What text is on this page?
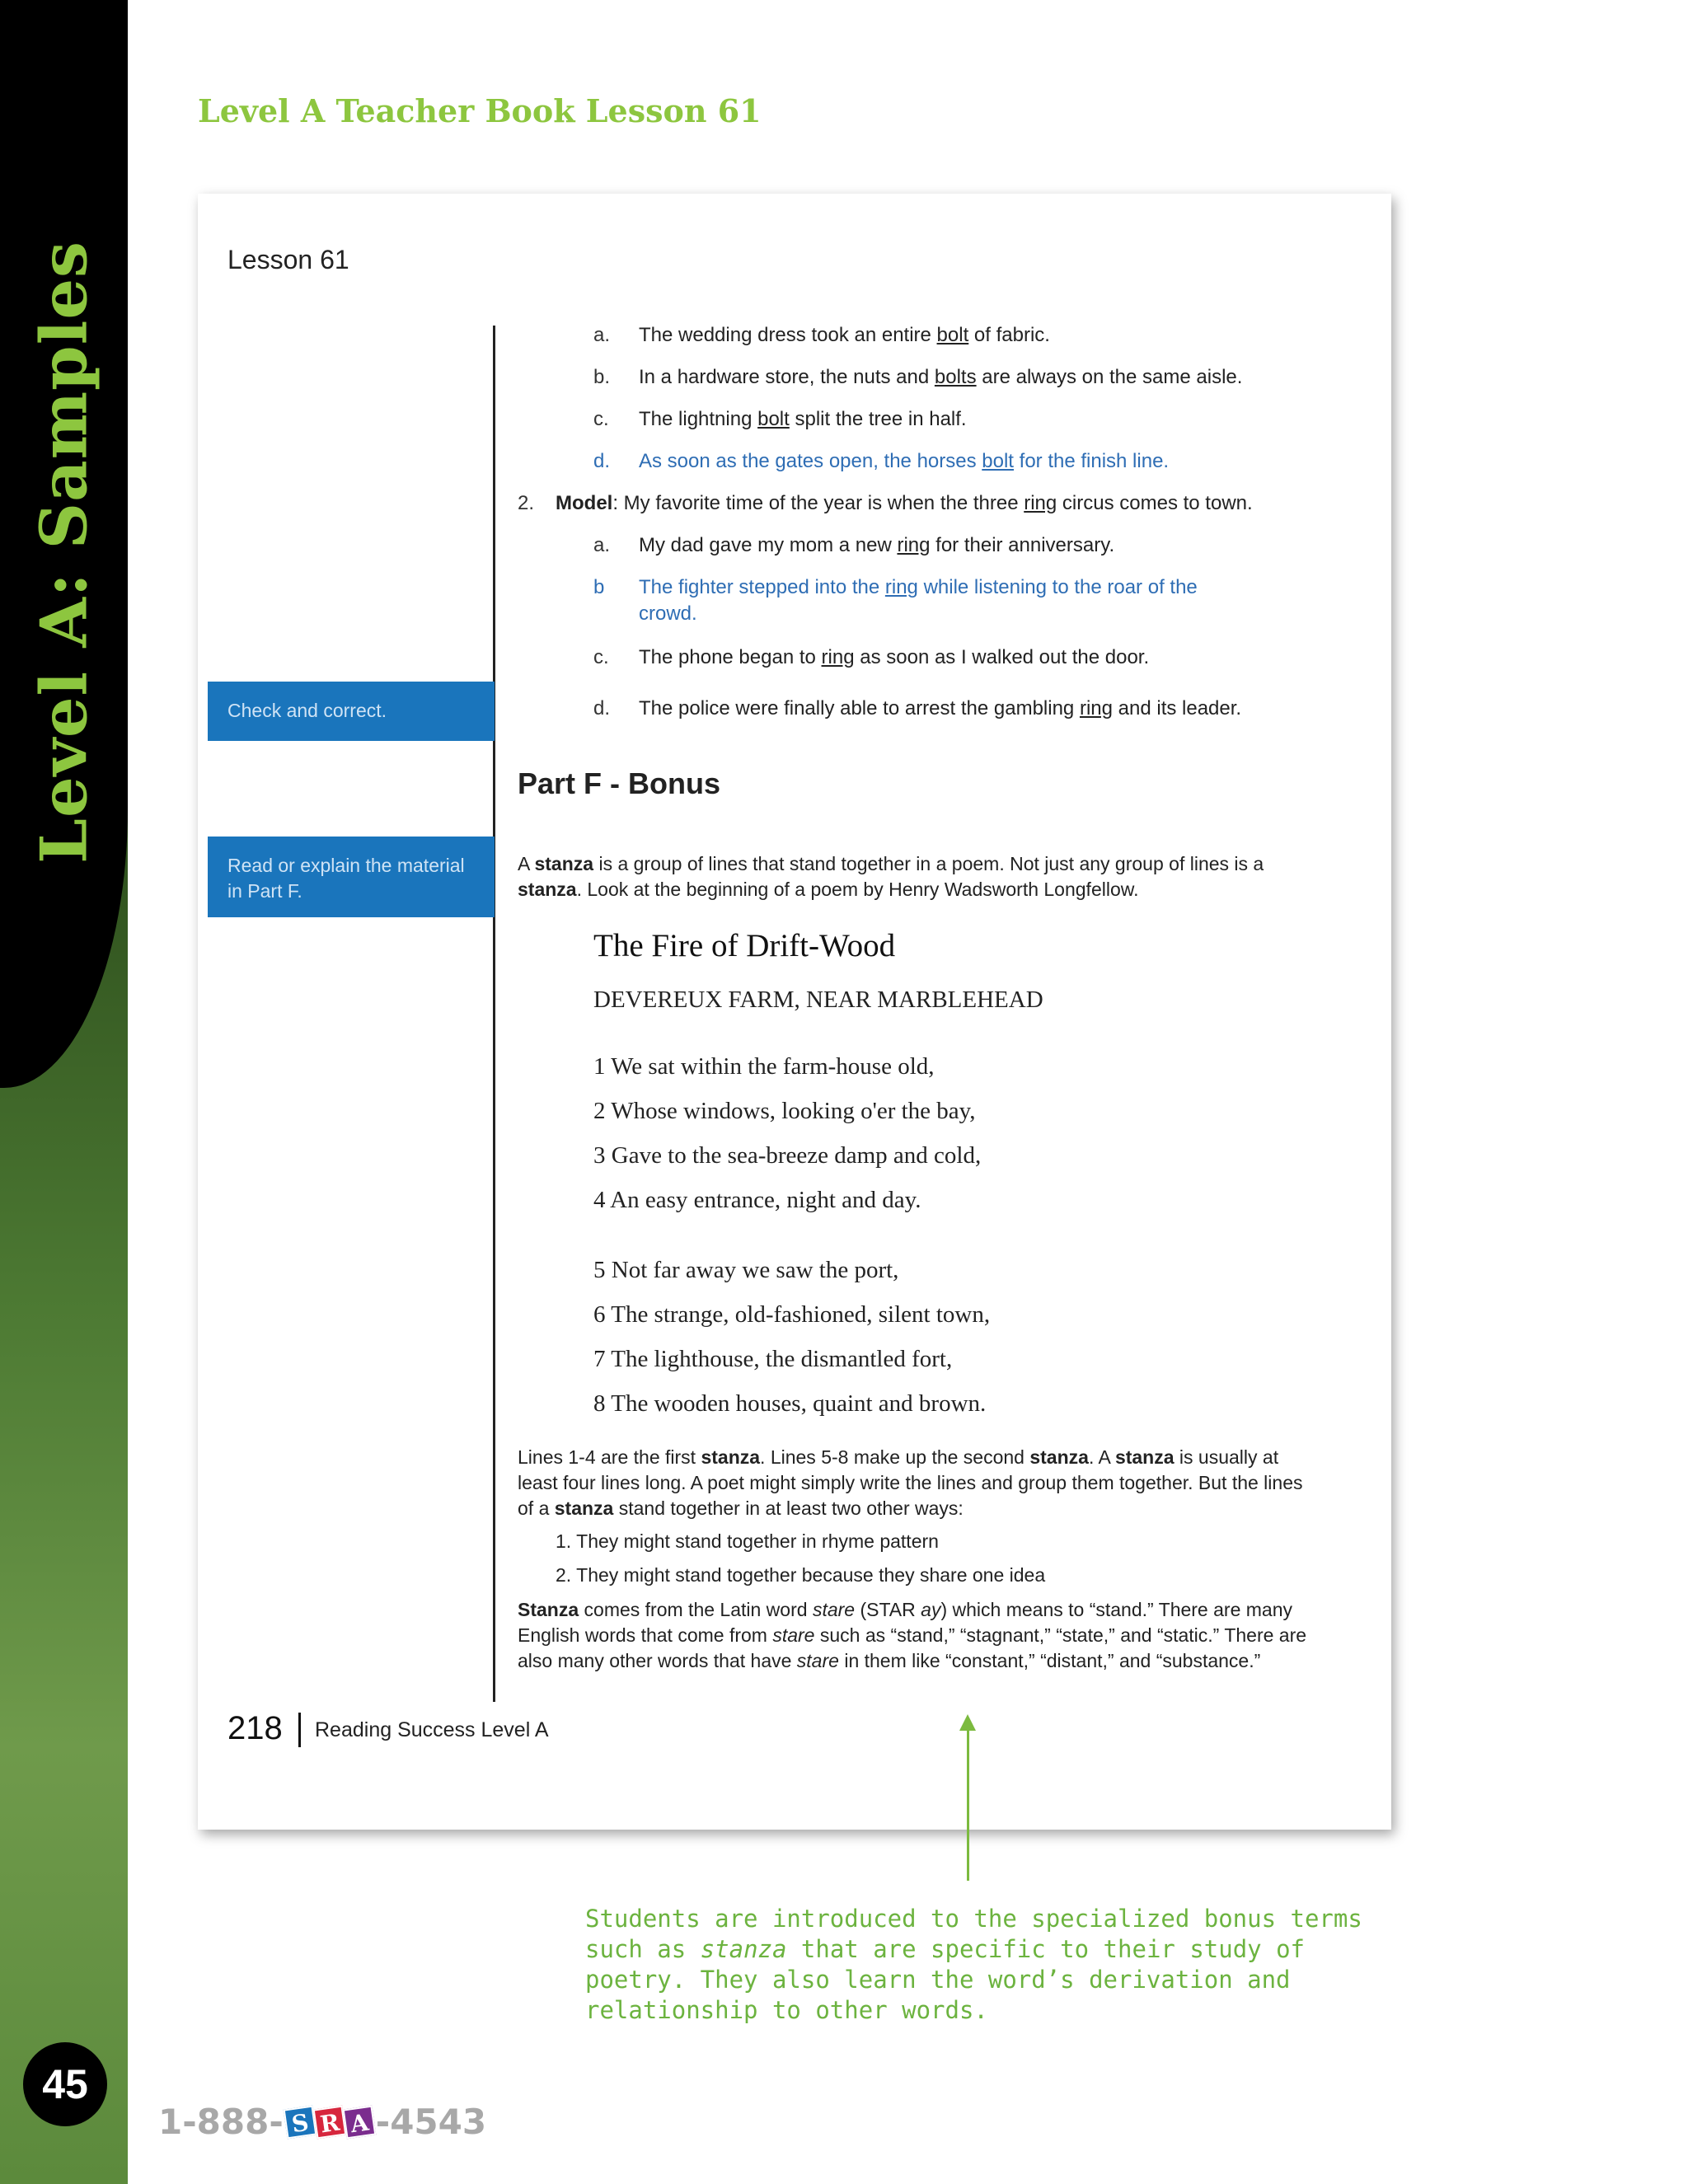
Level A: Samples
45
Level A Teacher Book Lesson 61
Lesson 61
Check and correct.
Read or explain the material in Part F.
a. The wedding dress took an entire bolt of fabric.
b. In a hardware store, the nuts and bolts are always on the same aisle.
c. The lightning bolt split the tree in half.
d. As soon as the gates open, the horses bolt for the finish line.
2. Model: My favorite time of the year is when the three ring circus comes to town.
a. My dad gave my mom a new ring for their anniversary.
b The fighter stepped into the ring while listening to the roar of the
crowd.
c. The phone began to ring as soon as I walked out the door.
d. The police were finally able to arrest the gambling ring and its leader.
Part F - Bonus
A stanza is a group of lines that stand together in a poem. Not just any group of lines is a stanza. Look at the beginning of a poem by Henry Wadsworth Longfellow.
The Fire of Drift-Wood
DEVEREUX FARM, NEAR MARBLEHEAD
1 We sat within the farm-house old,
2 Whose windows, looking o'er the bay,
3 Gave to the sea-breeze damp and cold,
4 An easy entrance, night and day.
5 Not far away we saw the port,
6 The strange, old-fashioned, silent town,
7 The lighthouse, the dismantled fort,
8 The wooden houses, quaint and brown.
Lines 1-4 are the first stanza. Lines 5-8 make up the second stanza. A stanza is usually at least four lines long. A poet might simply write the lines and group them together. But the lines of a stanza stand together in at least two other ways:
1. They might stand together in rhyme pattern
2. They might stand together because they share one idea
Stanza comes from the Latin word stare (STAR ay) which means to “stand.” There are many English words that come from stare such as “stand,” “stagnant,” “state,” and “static.” There are also many other words that have stare in them like “constant,” “distant,” and “substance.”
218 Reading Success Level A
Students are introduced to the specialized bonus terms such as stanza that are specific to their study of poetry. They also learn the word’s derivation and relationship to other words.
1-888- S R A -4543
